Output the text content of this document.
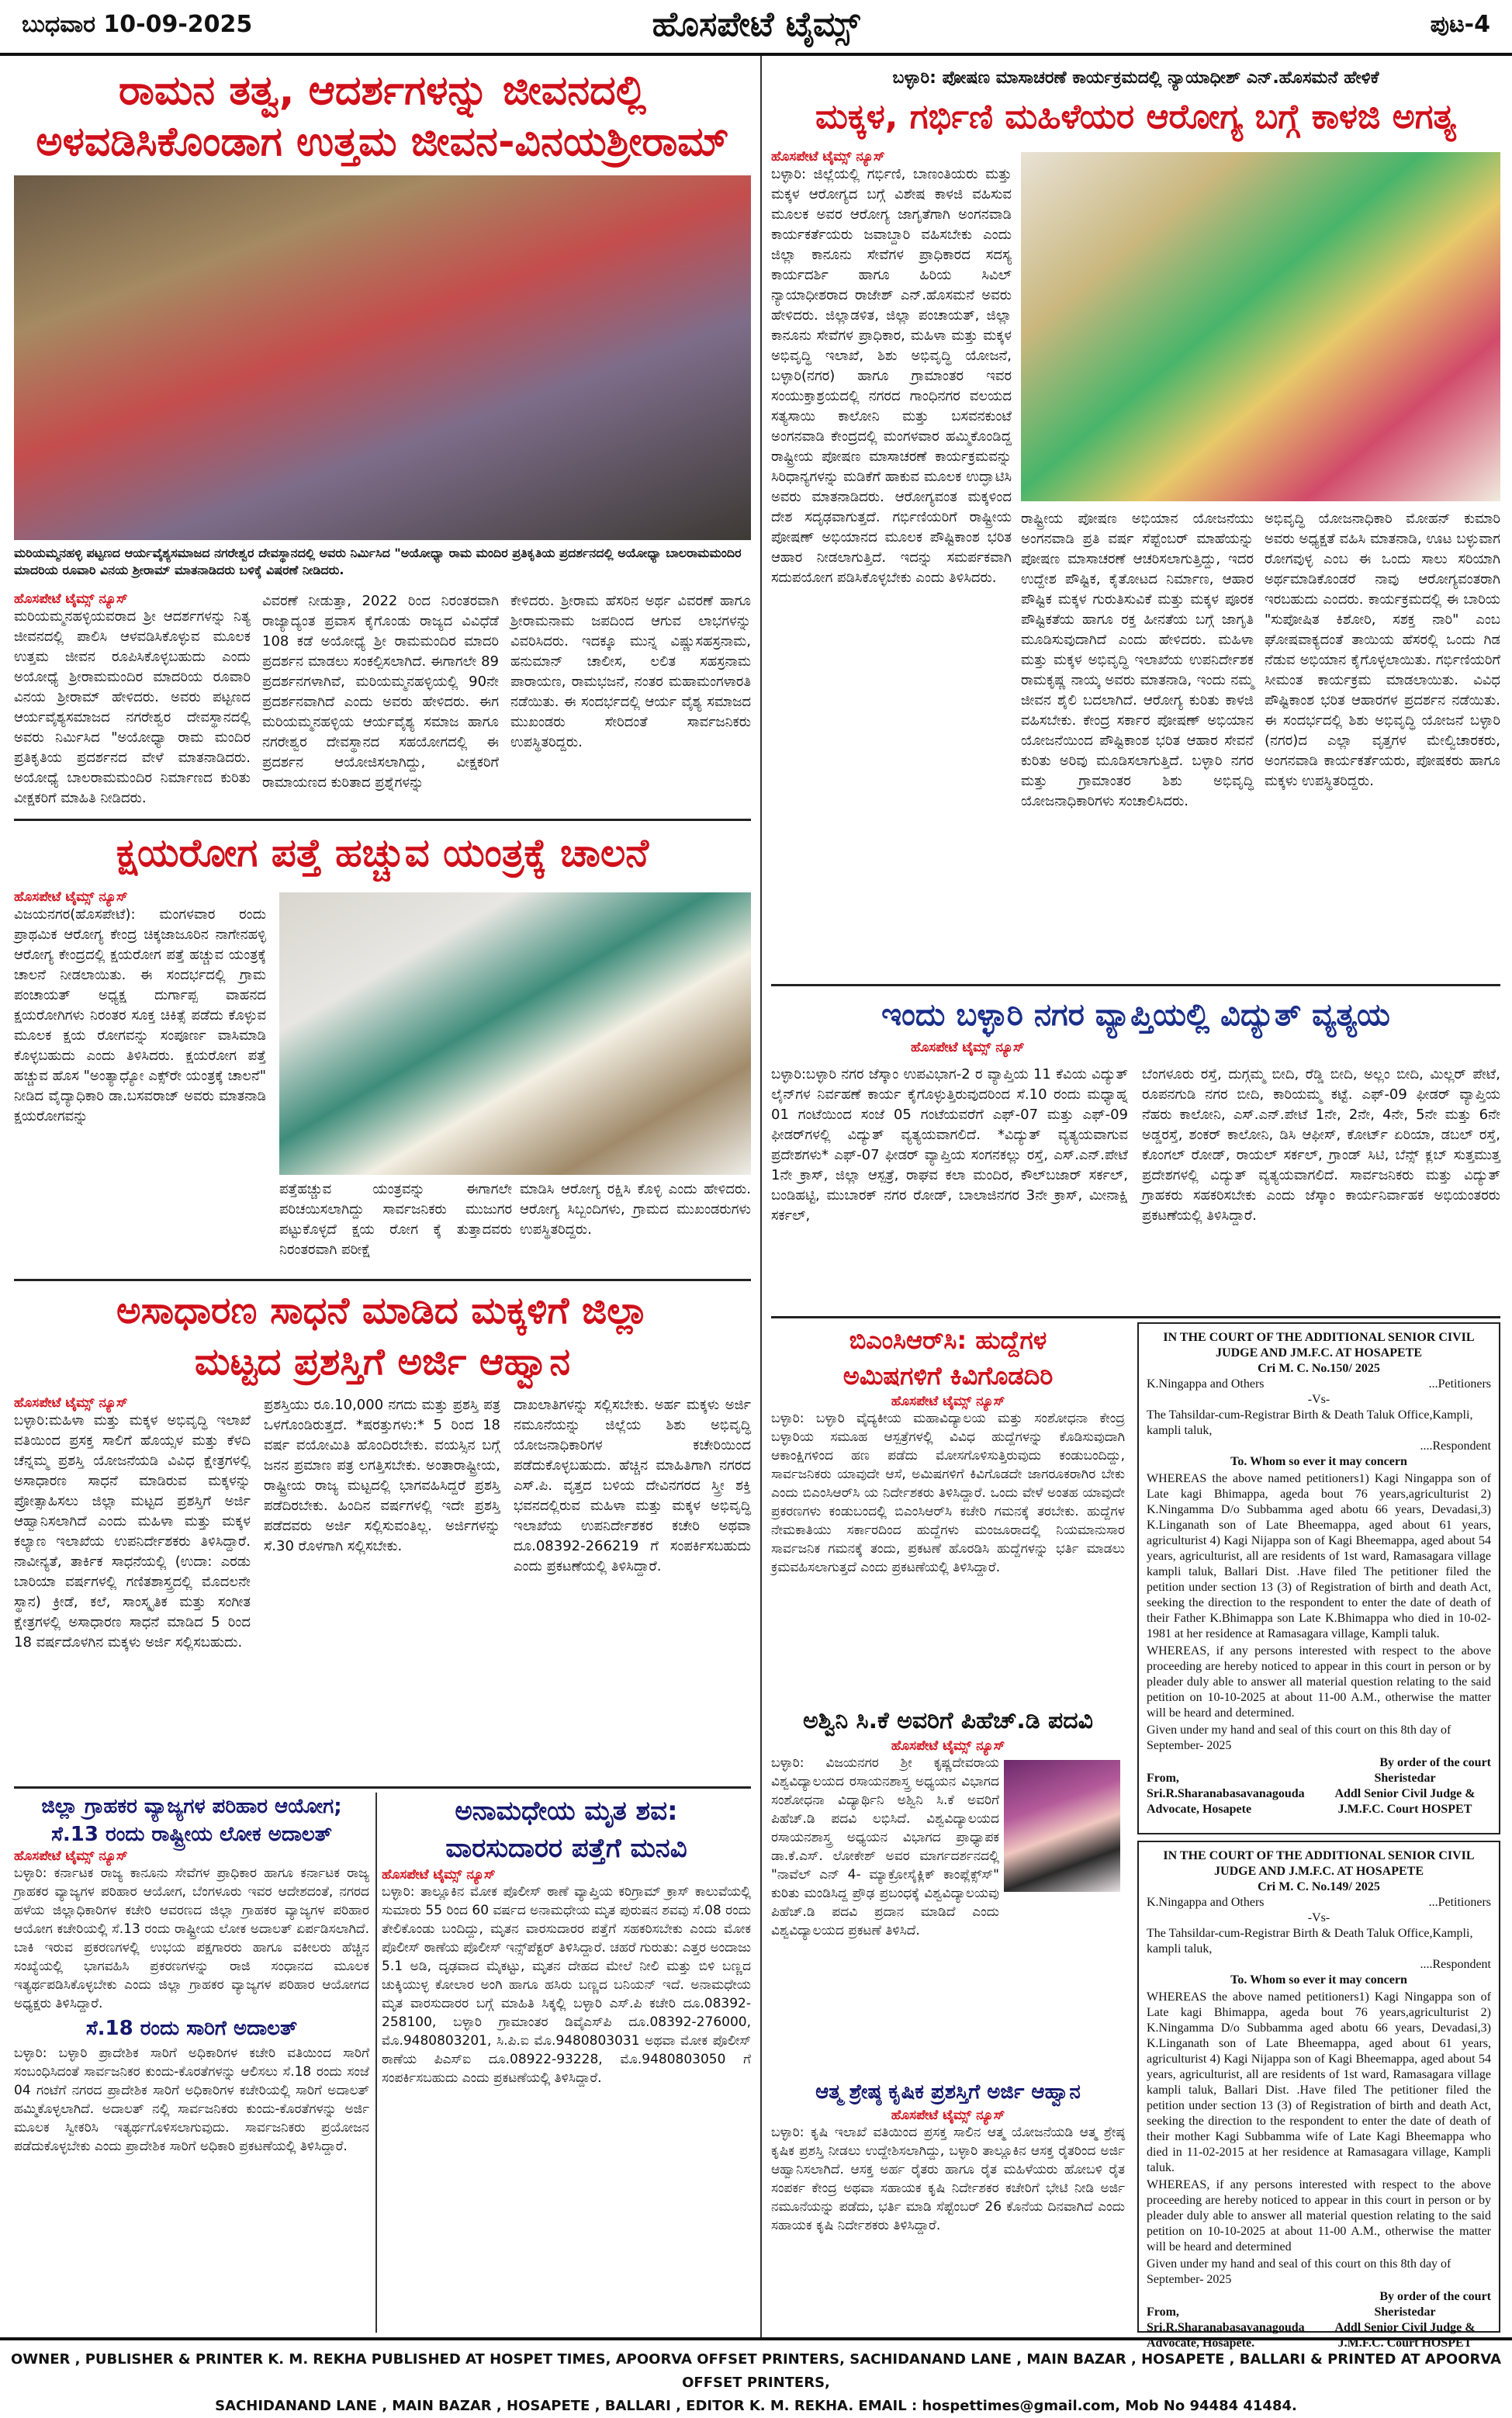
ಬುಧವಾರ 10-09-2025	ಹೊಸಪೇಟೆ ಟೈಮ್ಸ್	ಪುಟ-4
ರಾಮನ ತತ್ವ, ಆದರ್ಶಗಳನ್ನು ಜೀವನದಲ್ಲಿ
ಅಳವಡಿಸಿಕೊಂಡಾಗ ಉತ್ತಮ ಜೀವನ-ವಿನಯಶ್ರೀರಾಮ್
ಮರಿಯಮ್ಮನಹಳ್ಳಿ ಪಟ್ಟಣದ ಆರ್ಯವೈಶ್ಯಸಮಾಜದ ನಗರೇಶ್ವರ ದೇವಸ್ಥಾನದಲ್ಲಿ ಅವರು ನಿರ್ಮಿಸಿದ "ಅಯೋಧ್ಯಾ ರಾಮ ಮಂದಿರ ಪ್ರತಿಕೃತಿಯ ಪ್ರದರ್ಶನದಲ್ಲಿ ಅಯೋಧ್ಯಾ ಬಾಲರಾಮಮಂದಿರ ಮಾದರಿಯ ರೂವಾರಿ ವಿನಯ ಶ್ರೀರಾಮ್ ಮಾತನಾಡಿದರು ಬಳಿಕ್ಕೆ ವಿಷರಣೆ ನೀಡಿದರು.
ಹೊಸಪೇಟೆ ಟೈಮ್ಸ್ ನ್ಯೂಸ್
ಮರಿಯಮ್ಮನಹಳ್ಳಿಯವರಾದ ಶ್ರೀ ಆದರ್ಶಗಳನ್ನು ನಿತ್ಯ ಜೀವನದಲ್ಲಿ ಪಾಲಿಸಿ ಆಳವಡಿಸಿಕೊಳ್ಳುವ ಮೂಲಕ ಉತ್ತಮ ಜೀವನ ರೂಪಿಸಿಕೊಳ್ಳಬಹುದು ಎಂದು ಅಯೋಧ್ಯೆ ಶ್ರೀರಾಮಮಂದಿರ ಮಾದರಿಯ ರೂವಾರಿ ವಿನಯ ಶ್ರೀರಾಮ್ ಹೇಳಿದರು. ಅವರು ಪಟ್ಟಣದ ಆರ್ಯವೈಶ್ಯಸಮಾಜದ ನಗರೇಶ್ವರ ದೇವಸ್ಥಾನದಲ್ಲಿ ಅವರು ನಿರ್ಮಿಸಿದ "ಅಯೋಧ್ಯಾ ರಾಮ ಮಂದಿರ ಪ್ರತಿಕೃತಿಯ ಪ್ರದರ್ಶನದ ವೇಳೆ ಮಾತನಾಡಿದರು. ಅಯೋಧ್ಯೆ ಬಾಲರಾಮಮಂದಿರ ನಿರ್ಮಾಣದ ಕುರಿತು ವೀಕ್ಷಕರಿಗೆ ಮಾಹಿತಿ ನೀಡಿದರು.
ವಿವರಣೆ ನೀಡುತ್ತಾ, 2022 ರಿಂದ ನಿರಂತರವಾಗಿ ರಾಜ್ಯಾದ್ಯಂತ ಪ್ರವಾಸ ಕೈಗೊಂಡು ರಾಜ್ಯದ ವಿವಿಧೆಡೆ 108 ಕಡೆ ಅಯೋಧ್ಯೆ ಶ್ರೀ ರಾಮಮಂದಿರ ಮಾದರಿ ಪ್ರದರ್ಶನ ಮಾಡಲು ಸಂಕಲ್ಪಿಸಲಾಗಿದೆ. ಈಗಾಗಲೇ 89 ಪ್ರದರ್ಶನಗಳಾಗಿವೆ, ಮರಿಯಮ್ಮನಹಳ್ಳಿಯಲ್ಲಿ 90ನೇ ಪ್ರದರ್ಶನವಾಗಿದೆ ಎಂದು ಅವರು ಹೇಳಿದರು. ಈಗ ಮರಿಯಮ್ಮನಹಳ್ಳಿಯ ಆರ್ಯವೈಶ್ಯ ಸಮಾಜ ಹಾಗೂ ನಗರೇಶ್ವರ ದೇವಸ್ಥಾನದ ಸಹಯೋಗದಲ್ಲಿ ಈ ಪ್ರದರ್ಶನ ಆಯೋಜಿಸಲಾಗಿದ್ದು, ವೀಕ್ಷಕರಿಗೆ ರಾಮಾಯಣದ ಕುರಿತಾದ ಪ್ರಶ್ನೆಗಳನ್ನು
ಕೇಳಿದರು. ಶ್ರೀರಾಮ ಹೆಸರಿನ ಅರ್ಥ ವಿವರಣೆ ಹಾಗೂ ಶ್ರೀರಾಮನಾಮ ಜಪದಿಂದ ಆಗುವ ಲಾಭಗಳನ್ನು ವಿವರಿಸಿದರು. ಇದಕ್ಕೂ ಮುನ್ನ ವಿಷ್ಣುಸಹಸ್ರನಾಮ, ಹನುಮಾನ್ ಚಾಲೀಸ, ಲಲಿತ ಸಹಸ್ರನಾಮ ಪಾರಾಯಣ, ರಾಮಭಜನೆ, ನಂತರ ಮಹಾಮಂಗಳಾರತಿ ನಡೆಯಿತು. ಈ ಸಂದರ್ಭದಲ್ಲಿ ಆರ್ಯ ವೈಶ್ಯ ಸಮಾಜದ ಮುಖಂಡರು ಸೇರಿದಂತೆ ಸಾರ್ವಜನಿಕರು ಉಪಸ್ಥಿತರಿದ್ದರು.
ಕ್ಷಯರೋಗ ಪತ್ತೆ ಹಚ್ಚುವ ಯಂತ್ರಕ್ಕೆ ಚಾಲನೆ
ಹೊಸಪೇಟೆ ಟೈಮ್ಸ್ ನ್ಯೂಸ್
ವಿಜಯನಗರ(ಹೊಸಪೇಟೆ): ಮಂಗಳವಾರ ರಂದು ಪ್ರಾಥಮಿಕ ಆರೋಗ್ಯ ಕೇಂದ್ರ ಚಿಕ್ಕಜಾಜೂರಿನ ನಾಗೇನಹಳ್ಳಿ ಆರೋಗ್ಯ ಕೇಂದ್ರದಲ್ಲಿ ಕ್ಷಯರೋಗ ಪತ್ತೆ ಹಚ್ಚುವ ಯಂತ್ರಕ್ಕೆ ಚಾಲನೆ ನೀಡಲಾಯಿತು. ಈ ಸಂದರ್ಭದಲ್ಲಿ ಗ್ರಾಮ ಪಂಚಾಯತ್ ಅಧ್ಯಕ್ಷ ದುರ್ಗಾಪ್ಪ ವಾಹನದ ಕ್ಷಯರೋಗಿಗಳು ನಿರಂತರ ಸೂಕ್ತ ಚಿಕಿತ್ಸೆ ಪಡೆದು ಕೊಳ್ಳುವ ಮೂಲಕ ಕ್ಷಯ ರೋಗವನ್ನು ಸಂಪೂರ್ಣ ವಾಸಿಮಾಡಿ ಕೊಳ್ಳಬಹುದು ಎಂದು ತಿಳಿಸಿದರು. ಕ್ಷಯರೋಗ ಪತ್ತೆ ಹಚ್ಚುವ ಹೊಸ "ಅಂತ್ಯಾಧ್ಯೋ ಎಕ್ಸ್‌ರೇ ಯಂತ್ರಕ್ಕೆ ಚಾಲನೆ" ನೀಡಿದ ವೈದ್ಯಾಧಿಕಾರಿ ಡಾ.ಬಸವರಾಜ್ ಅವರು ಮಾತನಾಡಿ ಕ್ಷಯರೋಗವನ್ನು
ಪತ್ತೆಹಚ್ಚುವ ಯಂತ್ರವನ್ನು ಈಗಾಗಲೇ ಪರಿಚಯಿಸಲಾಗಿದ್ದು ಸಾರ್ವಜನಿಕರು ಮುಜುಗರ ಪಟ್ಟುಕೊಳ್ಳದೆ ಕ್ಷಯ ರೋಗ ಕ್ಕೆ ತುತ್ತಾದವರು ನಿರಂತರವಾಗಿ ಪರೀಕ್ಷೆ
ಮಾಡಿಸಿ ಆರೋಗ್ಯ ರಕ್ಷಿಸಿ ಕೊಳ್ಳಿ ಎಂದು ಹೇಳಿದರು. ಆರೋಗ್ಯ ಸಿಬ್ಬಂದಿಗಳು, ಗ್ರಾಮದ ಮುಖಂಡರುಗಳು ಉಪಸ್ಥಿತರಿದ್ದರು.
ಅಸಾಧಾರಣ ಸಾಧನೆ ಮಾಡಿದ ಮಕ್ಕಳಿಗೆ ಜಿಲ್ಲಾ
ಮಟ್ಟದ ಪ್ರಶಸ್ತಿಗೆ ಅರ್ಜಿ ಆಹ್ವಾನ
ಹೊಸಪೇಟೆ ಟೈಮ್ಸ್ ನ್ಯೂಸ್
ಬಳ್ಳಾರಿ:ಮಹಿಳಾ ಮತ್ತು ಮಕ್ಕಳ ಅಭಿವೃದ್ಧಿ ಇಲಾಖೆ ವತಿಯಿಂದ ಪ್ರಸಕ್ತ ಸಾಲಿಗೆ ಹೊಯ್ಸಳ ಮತ್ತು ಕೆಳದಿ ಚೆನ್ನಮ್ಮ ಪ್ರಶಸ್ತಿ ಯೋಜನೆಯಡಿ ವಿವಿಧ ಕ್ಷೇತ್ರಗಳಲ್ಲಿ ಅಸಾಧಾರಣ ಸಾಧನೆ ಮಾಡಿರುವ ಮಕ್ಕಳನ್ನು ಪ್ರೋತ್ಸಾಹಿಸಲು ಜಿಲ್ಲಾ ಮಟ್ಟದ ಪ್ರಶಸ್ತಿಗೆ ಅರ್ಜಿ ಆಹ್ವಾನಿಸಲಾಗಿದೆ ಎಂದು ಮಹಿಳಾ ಮತ್ತು ಮಕ್ಕಳ ಕಲ್ಯಾಣ ಇಲಾಖೆಯ ಉಪನಿರ್ದೇಶಕರು ತಿಳಿಸಿದ್ದಾರೆ. ನಾವೀನ್ಯತೆ, ತಾರ್ಕಿಕ ಸಾಧನೆಯಲ್ಲಿ (ಉದಾ: ಎರಡು ಬಾರಿಯಾ ವರ್ಷಗಳಲ್ಲಿ ಗಣಿತಶಾಸ್ತ್ರದಲ್ಲಿ ಮೊದಲನೇ ಸ್ಥಾನ) ಕ್ರೀಡೆ, ಕಲೆ, ಸಾಂಸ್ಕೃತಿಕ ಮತ್ತು ಸಂಗೀತ ಕ್ಷೇತ್ರಗಳಲ್ಲಿ ಅಸಾಧಾರಣ ಸಾಧನೆ ಮಾಡಿದ 5 ರಿಂದ 18 ವರ್ಷದೊಳಗಿನ ಮಕ್ಕಳು ಅರ್ಜಿ ಸಲ್ಲಿಸಬಹುದು.
ಪ್ರಶಸ್ತಿಯು ರೂ.10,000 ನಗದು ಮತ್ತು ಪ್ರಶಸ್ತಿ ಪತ್ರ ಒಳಗೊಂಡಿರುತ್ತದೆ. *ಷರತ್ತುಗಳು:* 5 ರಿಂದ 18 ವರ್ಷ ವಯೋಮಿತಿ ಹೊಂದಿರಬೇಕು. ವಯಸ್ಸಿನ ಬಗ್ಗೆ ಜನನ ಪ್ರಮಾಣ ಪತ್ರ ಲಗತ್ತಿಸಬೇಕು. ಅಂತಾರಾಷ್ಟ್ರೀಯ, ರಾಷ್ಟ್ರೀಯ ರಾಜ್ಯ ಮಟ್ಟದಲ್ಲಿ ಭಾಗವಹಿಸಿದ್ದರೆ ಪ್ರಶಸ್ತಿ ಪಡೆದಿರಬೇಕು. ಹಿಂದಿನ ವರ್ಷಗಳಲ್ಲಿ ಇದೇ ಪ್ರಶಸ್ತಿ ಪಡೆದವರು ಅರ್ಜಿ ಸಲ್ಲಿಸುವಂತಿಲ್ಲ. ಅರ್ಜಿಗಳನ್ನು ಸೆ.30 ರೊಳಗಾಗಿ ಸಲ್ಲಿಸಬೇಕು.
ದಾಖಲಾತಿಗಳನ್ನು ಸಲ್ಲಿಸಬೇಕು. ಅರ್ಹ ಮಕ್ಕಳು ಅರ್ಜಿ ನಮೂನೆಯನ್ನು ಜಿಲ್ಲೆಯ ಶಿಶು ಅಭಿವೃದ್ಧಿ ಯೋಜನಾಧಿಕಾರಿಗಳ ಕಚೇರಿಯಿಂದ ಪಡೆದುಕೊಳ್ಳಬಹುದು. ಹೆಚ್ಚಿನ ಮಾಹಿತಿಗಾಗಿ ನಗರದ ಎಸ್.ಪಿ. ವೃತ್ತದ ಬಳಿಯ ದೇವಿನಗರದ ಸ್ತ್ರೀ ಶಕ್ತಿ ಭವನದಲ್ಲಿರುವ ಮಹಿಳಾ ಮತ್ತು ಮಕ್ಕಳ ಅಭಿವೃದ್ಧಿ ಇಲಾಖೆಯ ಉಪನಿರ್ದೇಶಕರ ಕಚೇರಿ ಅಥವಾ ದೂ.08392-266219 ಗೆ ಸಂಪರ್ಕಿಸಬಹುದು ಎಂದು ಪ್ರಕಟಣೆಯಲ್ಲಿ ತಿಳಿಸಿದ್ದಾರೆ.
ಜಿಲ್ಲಾ ಗ್ರಾಹಕರ ವ್ಯಾಜ್ಯಗಳ ಪರಿಹಾರ ಆಯೋಗ;
ಸೆ.13 ರಂದು ರಾಷ್ಟ್ರೀಯ ಲೋಕ ಅದಾಲತ್
ಹೊಸಪೇಟೆ ಟೈಮ್ಸ್ ನ್ಯೂಸ್
ಬಳ್ಳಾರಿ: ಕರ್ನಾಟಕ ರಾಜ್ಯ ಕಾನೂನು ಸೇವೆಗಳ ಪ್ರಾಧಿಕಾರ ಹಾಗೂ ಕರ್ನಾಟಕ ರಾಜ್ಯ ಗ್ರಾಹಕರ ವ್ಯಾಜ್ಯಗಳ ಪರಿಹಾರ ಆಯೋಗ, ಬೆಂಗಳೂರು ಇವರ ಆದೇಶದಂತೆ, ನಗರದ ಹಳೆಯ ಜಿಲ್ಲಾಧಿಕಾರಿಗಳ ಕಚೇರಿ ಆವರಣದ ಜಿಲ್ಲಾ ಗ್ರಾಹಕರ ವ್ಯಾಜ್ಯಗಳ ಪರಿಹಾರ ಆಯೋಗ ಕಚೇರಿಯಲ್ಲಿ ಸೆ.13 ರಂದು ರಾಷ್ಟ್ರೀಯ ಲೋಕ ಅದಾಲತ್ ಏರ್ಪಡಿಸಲಾಗಿದೆ. ಬಾಕಿ ಇರುವ ಪ್ರಕರಣಗಳಲ್ಲಿ ಉಭಯ ಪಕ್ಷಗಾರರು ಹಾಗೂ ವಕೀಲರು ಹೆಚ್ಚಿನ ಸಂಖ್ಯೆಯಲ್ಲಿ ಭಾಗವಹಿಸಿ ಪ್ರಕರಣಗಳನ್ನು ರಾಜಿ ಸಂಧಾನದ ಮೂಲಕ ಇತ್ಯರ್ಥಪಡಿಸಿಕೊಳ್ಳಬೇಕು ಎಂದು ಜಿಲ್ಲಾ ಗ್ರಾಹಕರ ವ್ಯಾಜ್ಯಗಳ ಪರಿಹಾರ ಆಯೋಗದ ಅಧ್ಯಕ್ಷರು ತಿಳಿಸಿದ್ದಾರೆ.
ಸೆ.18 ರಂದು ಸಾರಿಗೆ ಅದಾಲತ್
ಬಳ್ಳಾರಿ: ಬಳ್ಳಾರಿ ಪ್ರಾದೇಶಿಕ ಸಾರಿಗೆ ಅಧಿಕಾರಿಗಳ ಕಚೇರಿ ವತಿಯಿಂದ ಸಾರಿಗೆ ಸಂಬಂಧಿಸಿದಂತೆ ಸಾರ್ವಜನಿಕರ ಕುಂದು-ಕೊರತೆಗಳನ್ನು ಆಲಿಸಲು ಸೆ.18 ರಂದು ಸಂಜೆ 04 ಗಂಟೆಗೆ ನಗರದ ಪ್ರಾದೇಶಿಕ ಸಾರಿಗೆ ಅಧಿಕಾರಿಗಳ ಕಚೇರಿಯಲ್ಲಿ ಸಾರಿಗೆ ಅದಾಲತ್ ಹಮ್ಮಿಕೊಳ್ಳಲಾಗಿದೆ. ಅದಾಲತ್ ನಲ್ಲಿ ಸಾರ್ವಜನಿಕರು ಕುಂದು-ಕೊರತೆಗಳನ್ನು ಅರ್ಜಿ ಮೂಲಕ ಸ್ವೀಕರಿಸಿ ಇತ್ಯರ್ಥಗೊಳಿಸಲಾಗುವುದು. ಸಾರ್ವಜನಿಕರು ಪ್ರಯೋಜನ ಪಡೆದುಕೊಳ್ಳಬೇಕು ಎಂದು ಪ್ರಾದೇಶಿಕ ಸಾರಿಗೆ ಅಧಿಕಾರಿ ಪ್ರಕಟಣೆಯಲ್ಲಿ ತಿಳಿಸಿದ್ದಾರೆ.
ಅನಾಮಧೇಯ ಮೃತ ಶವ:
ವಾರಸುದಾರರ ಪತ್ತೆಗೆ ಮನವಿ
ಹೊಸಪೇಟೆ ಟೈಮ್ಸ್ ನ್ಯೂಸ್
ಬಳ್ಳಾರಿ: ತಾಲ್ಲೂಕಿನ ಮೋಕ ಪೊಲೀಸ್ ಠಾಣೆ ವ್ಯಾಪ್ತಿಯ ಕರಿಗ್ರಾಮ್ ಕ್ರಾಸ್ ಕಾಲುವೆಯಲ್ಲಿ ಸುಮಾರು 55 ರಿಂದ 60 ವರ್ಷದ ಅನಾಮಧೇಯ ಮೃತ ಪುರುಷನ ಶವವು ಸೆ.08 ರಂದು ತೇಲಿಕೊಂಡು ಬಂದಿದ್ದು, ಮೃತನ ವಾರಸುದಾರರ ಪತ್ತೆಗೆ ಸಹಕರಿಸಬೇಕು ಎಂದು ಮೋಕ ಪೊಲೀಸ್ ಠಾಣೆಯ ಪೊಲೀಸ್ ಇನ್ಸ್‌ಪೆಕ್ಟರ್ ತಿಳಿಸಿದ್ದಾರೆ. ಚಹರೆ ಗುರುತು: ಎತ್ತರ ಅಂದಾಜು 5.1 ಅಡಿ, ದೃಢವಾದ ಮೈಕಟ್ಟು, ಮೃತನ ದೇಹದ ಮೇಲೆ ನೀಲಿ ಮತ್ತು ಬಿಳಿ ಬಣ್ಣದ ಚುಕ್ಕಿಯುಳ್ಳ ಕೋಲಾರ ಅಂಗಿ ಹಾಗೂ ಹಸಿರು ಬಣ್ಣದ ಬನಿಯನ್ ಇದೆ. ಅನಾಮಧೇಯ ಮೃತ ವಾರಸುದಾರರ ಬಗ್ಗೆ ಮಾಹಿತಿ ಸಿಕ್ಕಲ್ಲಿ ಬಳ್ಳಾರಿ ಎಸ್.ಪಿ ಕಚೇರಿ ದೂ.08392-258100, ಬಳ್ಳಾರಿ ಗ್ರಾಮಾಂತರ ಡಿವೈಎಸ್‌ಪಿ ದೂ.08392-276000, ಮೊ.9480803201, ಸಿ.ಪಿ.ಐ ಮೊ.9480803031 ಅಥವಾ ಮೋಕ ಪೊಲೀಸ್ ಠಾಣೆಯ ಪಿಎಸ್‌ಐ ದೂ.08922-93228, ಮೊ.9480803050 ಗೆ ಸಂಪರ್ಕಿಸಬಹುದು ಎಂದು ಪ್ರಕಟಣೆಯಲ್ಲಿ ತಿಳಿಸಿದ್ದಾರೆ.
ಬಳ್ಳಾರಿ: ಪೋಷಣ ಮಾಸಾಚರಣೆ ಕಾರ್ಯಕ್ರಮದಲ್ಲಿ ನ್ಯಾಯಾಧೀಶ್ ಎನ್.ಹೊಸಮನೆ ಹೇಳಿಕೆ
ಮಕ್ಕಳ, ಗರ್ಭಿಣಿ ಮಹಿಳೆಯರ ಆರೋಗ್ಯ ಬಗ್ಗೆ ಕಾಳಜಿ ಅಗತ್ಯ
ಹೊಸಪೇಟೆ ಟೈಮ್ಸ್ ನ್ಯೂಸ್
ಬಳ್ಳಾರಿ: ಜಿಲ್ಲೆಯಲ್ಲಿ ಗರ್ಭಿಣಿ, ಬಾಣಂತಿಯರು ಮತ್ತು ಮಕ್ಕಳ ಆರೋಗ್ಯದ ಬಗ್ಗೆ ವಿಶೇಷ ಕಾಳಜಿ ವಹಿಸುವ ಮೂಲಕ ಅವರ ಆರೋಗ್ಯ ಜಾಗೃತೆಗಾಗಿ ಅಂಗನವಾಡಿ ಕಾರ್ಯಕರ್ತೆಯರು ಜವಾಬ್ದಾರಿ ವಹಿಸಬೇಕು ಎಂದು ಜಿಲ್ಲಾ ಕಾನೂನು ಸೇವೆಗಳ ಪ್ರಾಧಿಕಾರದ ಸದಸ್ಯ ಕಾರ್ಯದರ್ಶಿ ಹಾಗೂ ಹಿರಿಯ ಸಿವಿಲ್ ನ್ಯಾಯಾಧೀಶರಾದ ರಾಜೇಶ್ ಎನ್.ಹೊಸಮನೆ ಅವರು ಹೇಳಿದರು. ಜಿಲ್ಲಾಡಳಿತ, ಜಿಲ್ಲಾ ಪಂಚಾಯತ್, ಜಿಲ್ಲಾ ಕಾನೂನು ಸೇವೆಗಳ ಪ್ರಾಧಿಕಾರ, ಮಹಿಳಾ ಮತ್ತು ಮಕ್ಕಳ ಅಭಿವೃದ್ಧಿ ಇಲಾಖೆ, ಶಿಶು ಅಭಿವೃದ್ಧಿ ಯೋಜನೆ, ಬಳ್ಳಾರಿ(ನಗರ) ಹಾಗೂ ಗ್ರಾಮಾಂತರ ಇವರ ಸಂಯುಕ್ತಾಶ್ರಯದಲ್ಲಿ ನಗರದ ಗಾಂಧಿನಗರ ವಲಯದ ಸತ್ಯಸಾಯಿ ಕಾಲೋನಿ ಮತ್ತು ಬಸವನಕುಂಟೆ ಅಂಗನವಾಡಿ ಕೇಂದ್ರದಲ್ಲಿ ಮಂಗಳವಾರ ಹಮ್ಮಿಕೊಂಡಿದ್ದ ರಾಷ್ಟ್ರೀಯ ಪೋಷಣ ಮಾಸಾಚರಣೆ ಕಾರ್ಯಕ್ರಮವನ್ನು ಸಿರಿಧಾನ್ಯಗಳನ್ನು ಮಡಿಕೆಗೆ ಹಾಕುವ ಮೂಲಕ ಉದ್ಘಾಟಿಸಿ ಅವರು ಮಾತನಾಡಿದರು. ಆರೋಗ್ಯವಂತ ಮಕ್ಕಳಿಂದ ದೇಶ ಸದೃಢವಾಗುತ್ತದೆ. ಗರ್ಭಿಣಿಯರಿಗೆ ರಾಷ್ಟ್ರೀಯ ಪೋಷಣ್ ಅಭಿಯಾನದ ಮೂಲಕ ಪೌಷ್ಟಿಕಾಂಶ ಭರಿತ ಆಹಾರ ನೀಡಲಾಗುತ್ತಿದೆ. ಇದನ್ನು ಸಮರ್ಪಕವಾಗಿ ಸದುಪಯೋಗ ಪಡಿಸಿಕೊಳ್ಳಬೇಕು ಎಂದು ತಿಳಿಸಿದರು.
ರಾಷ್ಟ್ರೀಯ ಪೋಷಣ ಅಭಿಯಾನ ಯೋಜನೆಯು ಅಂಗನವಾಡಿ ಪ್ರತಿ ವರ್ಷ ಸೆಪ್ಟೆಂಬರ್ ಮಾಹೆಯನ್ನು ಪೋಷಣ ಮಾಸಾಚರಣೆ ಆಚರಿಸಲಾಗುತ್ತಿದ್ದು, ಇದರ ಉದ್ದೇಶ ಪೌಷ್ಟಿಕ, ಕೈತೋಟದ ನಿರ್ಮಾಣ, ಆಹಾರ ಪೌಷ್ಟಿಕ ಮಕ್ಕಳ ಗುರುತಿಸುವಿಕೆ ಮತ್ತು ಮಕ್ಕಳ ಪೂರಕ ಪೌಷ್ಟಿಕತೆಯ ಹಾಗೂ ರಕ್ತ ಹೀನತೆಯ ಬಗ್ಗೆ ಜಾಗೃತಿ ಮೂಡಿಸುವುದಾಗಿದೆ ಎಂದು ಹೇಳಿದರು. ಮಹಿಳಾ ಮತ್ತು ಮಕ್ಕಳ ಅಭಿವೃದ್ಧಿ ಇಲಾಖೆಯ ಉಪನಿರ್ದೇಶಕ ರಾಮಕೃಷ್ಣ ನಾಯ್ಕ ಅವರು ಮಾತನಾಡಿ, ಇಂದು ನಮ್ಮ ಜೀವನ ಶೈಲಿ ಬದಲಾಗಿದೆ. ಆರೋಗ್ಯ ಕುರಿತು ಕಾಳಜಿ ವಹಿಸಬೇಕು. ಕೇಂದ್ರ ಸರ್ಕಾರ ಪೋಷಣ್ ಅಭಿಯಾನ ಯೋಜನೆಯಿಂದ ಪೌಷ್ಟಿಕಾಂಶ ಭರಿತ ಆಹಾರ ಸೇವನೆ ಕುರಿತು ಅರಿವು ಮೂಡಿಸಲಾಗುತ್ತಿದೆ. ಬಳ್ಳಾರಿ ನಗರ ಮತ್ತು ಗ್ರಾಮಾಂತರ ಶಿಶು ಅಭಿವೃದ್ಧಿ ಯೋಜನಾಧಿಕಾರಿಗಳು ಸಂಚಾಲಿಸಿದರು.
ಅಭಿವೃದ್ಧಿ ಯೋಜನಾಧಿಕಾರಿ ಮೋಹನ್ ಕುಮಾರಿ ಅವರು ಅಧ್ಯಕ್ಷತೆ ವಹಿಸಿ ಮಾತನಾಡಿ, ಊಟ ಬಳ್ಳುವಾಗ ರೋಗವುಳ್ಳ ಎಂಬ ಈ ಒಂದು ಸಾಲು ಸರಿಯಾಗಿ ಅರ್ಥಮಾಡಿಕೊಂಡರೆ ನಾವು ಆರೋಗ್ಯವಂತರಾಗಿ ಇರಬಹುದು ಎಂದರು. ಕಾರ್ಯಕ್ರಮದಲ್ಲಿ ಈ ಬಾರಿಯ "ಸುಪೋಷಿತ ಕಿಶೋರಿ, ಸಶಕ್ತ ನಾರಿ" ಎಂಬ ಘೋಷವಾಕ್ಯದಂತೆ ತಾಯಿಯ ಹೆಸರಲ್ಲಿ ಒಂದು ಗಿಡ ನೆಡುವ ಅಭಿಯಾನ ಕೈಗೊಳ್ಳಲಾಯಿತು. ಗರ್ಭಿಣಿಯರಿಗೆ ಸೀಮಂತ ಕಾರ್ಯಕ್ರಮ ಮಾಡಲಾಯಿತು. ವಿವಿಧ ಪೌಷ್ಟಿಕಾಂಶ ಭರಿತ ಆಹಾರಗಳ ಪ್ರದರ್ಶನ ನಡೆಯಿತು. ಈ ಸಂದರ್ಭದಲ್ಲಿ ಶಿಶು ಅಭಿವೃದ್ಧಿ ಯೋಜನೆ ಬಳ್ಳಾರಿ (ನಗರ)ದ ಎಲ್ಲಾ ವೃತ್ತಗಳ ಮೇಲ್ವಿಚಾರಕರು, ಅಂಗನವಾಡಿ ಕಾರ್ಯಕರ್ತೆಯರು, ಪೋಷಕರು ಹಾಗೂ ಮಕ್ಕಳು ಉಪಸ್ಥಿತರಿದ್ದರು.
ಇಂದು ಬಳ್ಳಾರಿ ನಗರ ವ್ಯಾಪ್ತಿಯಲ್ಲಿ ವಿದ್ಯುತ್ ವ್ಯತ್ಯಯ
ಹೊಸಪೇಟೆ ಟೈಮ್ಸ್ ನ್ಯೂಸ್
ಬಳ್ಳಾರಿ:ಬಳ್ಳಾರಿ ನಗರ ಜೆಸ್ಕಾಂ ಉಪವಿಭಾಗ-2 ರ ವ್ಯಾಪ್ತಿಯ 11 ಕೆವಿಯ ವಿದ್ಯುತ್ ಲೈನ್‌ಗಳ ನಿರ್ವಹಣೆ ಕಾರ್ಯ ಕೈಗೊಳ್ಳುತ್ತಿರುವುದರಿಂದ ಸೆ.10 ರಂದು ಮಧ್ಯಾಹ್ನ 01 ಗಂಟೆಯಿಂದ ಸಂಜೆ 05 ಗಂಟೆಯವರೆಗೆ ಎಫ್-07 ಮತ್ತು ಎಫ್-09 ಫೀಡರ್‌ಗಳಲ್ಲಿ ವಿದ್ಯುತ್ ವ್ಯತ್ಯಯವಾಗಲಿದೆ. *ವಿದ್ಯುತ್ ವ್ಯತ್ಯಯವಾಗುವ ಪ್ರದೇಶಗಳು* ಎಫ್-07 ಫೀಡರ್ ವ್ಯಾಪ್ತಿಯ ಸಂಗನಕಲ್ಲು ರಸ್ತೆ, ಎಸ್.ಎನ್.ಪೇಟೆ 1ನೇ ಕ್ರಾಸ್, ಜಿಲ್ಲಾ ಆಸ್ಪತ್ರೆ, ರಾಘವ ಕಲಾ ಮಂದಿರ, ಕೌಲ್‌ಬಜಾರ್ ಸರ್ಕಲ್, ಬಂಡಿಹಟ್ಟಿ, ಮುಬಾರಕ್ ನಗರ ರೋಡ್, ಬಾಲಾಜಿನಗರ 3ನೇ ಕ್ರಾಸ್, ಮೀನಾಕ್ಷಿ ಸರ್ಕಲ್,
ಬೆಂಗಳೂರು ರಸ್ತೆ, ದುಗ್ಗಮ್ಮ ಬೀದಿ, ರೆಡ್ಡಿ ಬೀದಿ, ಅಲ್ಲಂ ಬೀದಿ, ಮಿಲ್ಲರ್ ಪೇಟೆ, ರೂಪನಗುಡಿ ನಗರ ಬೀದಿ, ಕಾರಿಯಮ್ಮ ಕಟ್ಟೆ. ಎಫ್-09 ಫೀಡರ್ ವ್ಯಾಪ್ತಿಯ ನೆಹರು ಕಾಲೋನಿ, ಎಸ್.ಎನ್.ಪೇಟೆ 1ನೇ, 2ನೇ, 4ನೇ, 5ನೇ ಮತ್ತು 6ನೇ ಅಡ್ಡರಸ್ತೆ, ಶಂಕರ್ ಕಾಲೋನಿ, ಡಿಸಿ ಆಫೀಸ್, ಕೋರ್ಟ್ ಏರಿಯಾ, ಡಬಲ್ ರಸ್ತೆ, ಕೊಂಗಲ್ ರೋಡ್, ರಾಯಲ್ ಸರ್ಕಲ್, ಗ್ರಾಂಡ್ ಸಿಟಿ, ಬೆನ್ಸ್ ಕ್ಲಬ್ ಸುತ್ತಮುತ್ತ ಪ್ರದೇಶಗಳಲ್ಲಿ ವಿದ್ಯುತ್ ವ್ಯತ್ಯಯವಾಗಲಿದೆ. ಸಾರ್ವಜನಿಕರು ಮತ್ತು ವಿದ್ಯುತ್ ಗ್ರಾಹಕರು ಸಹಕರಿಸಬೇಕು ಎಂದು ಜೆಸ್ಕಾಂ ಕಾರ್ಯನಿರ್ವಾಹಕ ಅಭಿಯಂತರರು ಪ್ರಕಟಣೆಯಲ್ಲಿ ತಿಳಿಸಿದ್ದಾರೆ.
ಬಿಎಂಸಿಆರ್‌ಸಿ: ಹುದ್ದೆಗಳ
ಅಮಿಷಗಳಿಗೆ ಕಿವಿಗೊಡದಿರಿ
ಹೊಸಪೇಟೆ ಟೈಮ್ಸ್ ನ್ಯೂಸ್
ಬಳ್ಳಾರಿ: ಬಳ್ಳಾರಿ ವೈದ್ಯಕೀಯ ಮಹಾವಿದ್ಯಾಲಯ ಮತ್ತು ಸಂಶೋಧನಾ ಕೇಂದ್ರ ಬಳ್ಳಾರಿಯ ಸಮೂಹ ಆಸ್ಪತ್ರೆಗಳಲ್ಲಿ ವಿವಿಧ ಹುದ್ದೆಗಳನ್ನು ಕೊಡಿಸುವುದಾಗಿ ಆಕಾಂಕ್ಷಿಗಳಿಂದ ಹಣ ಪಡೆದು ಮೋಸಗೊಳಿಸುತ್ತಿರುವುದು ಕಂಡುಬಂದಿದ್ದು, ಸಾರ್ವಜನಿಕರು ಯಾವುದೇ ಆಸೆ, ಅಮಿಷಗಳಿಗೆ ಕಿವಿಗೊಡದೇ ಜಾಗರೂಕರಾಗಿರ ಬೇಕು ಎಂದು ಬಿಎಂಸಿಆರ್‌ಸಿ ಯ ನಿರ್ದೇಶಕರು ತಿಳಿಸಿದ್ದಾರೆ. ಒಂದು ವೇಳೆ ಅಂತಹ ಯಾವುದೇ ಪ್ರಕರಣಗಳು ಕಂಡುಬಂದಲ್ಲಿ ಬಿಎಂಸಿಆರ್‌ಸಿ ಕಚೇರಿ ಗಮನಕ್ಕೆ ತರಬೇಕು. ಹುದ್ದೆಗಳ ನೇಮಕಾತಿಯು ಸರ್ಕಾರದಿಂದ ಹುದ್ದೆಗಳು ಮಂಜೂರಾದಲ್ಲಿ ನಿಯಮಾನುಸಾರ ಸಾರ್ವಜನಿಕ ಗಮನಕ್ಕೆ ತಂದು, ಪ್ರಕಟಣೆ ಹೊರಡಿಸಿ ಹುದ್ದೆಗಳನ್ನು ಭರ್ತಿ ಮಾಡಲು ಕ್ರಮವಹಿಸಲಾಗುತ್ತದೆ ಎಂದು ಪ್ರಕಟಣೆಯಲ್ಲಿ ತಿಳಿಸಿದ್ದಾರೆ.
ಅಶ್ವಿನಿ ಸಿ.ಕೆ ಅವರಿಗೆ ಪಿಹೆಚ್.ಡಿ ಪದವಿ
ಹೊಸಪೇಟೆ ಟೈಮ್ಸ್ ನ್ಯೂಸ್
ಬಳ್ಳಾರಿ: ವಿಜಯನಗರ ಶ್ರೀ ಕೃಷ್ಣದೇವರಾಯ ವಿಶ್ವವಿದ್ಯಾಲಯದ ರಸಾಯನಶಾಸ್ತ್ರ ಅಧ್ಯಯನ ವಿಭಾಗದ ಸಂಶೋಧನಾ ವಿದ್ಯಾರ್ಥಿನಿ ಅಶ್ವಿನಿ ಸಿ.ಕೆ ಅವರಿಗೆ ಪಿಹೆಚ್.ಡಿ ಪದವಿ ಲಭಿಸಿದೆ. ವಿಶ್ವವಿದ್ಯಾಲಯದ ರಸಾಯನಶಾಸ್ತ್ರ ಅಧ್ಯಯನ ವಿಭಾಗದ ಪ್ರಾಧ್ಯಾಪಕ ಡಾ.ಕೆ.ಎಸ್. ಲೋಕೇಶ್ ಅವರ ಮಾರ್ಗದರ್ಶನದಲ್ಲಿ "ನಾವೆಲ್ ಎನ್ 4- ಮ್ಯಾಕ್ರೋಸೈಕ್ಲಿಕ್ ಕಾಂಪ್ಲೆಕ್ಸ್‌ಸ್" ಕುರಿತು ಮಂಡಿಸಿದ್ದ ಪ್ರೌಢ ಪ್ರಬಂಧಕ್ಕೆ ವಿಶ್ವವಿದ್ಯಾಲಯವು ಪಿಹೆಚ್.ಡಿ ಪದವಿ ಪ್ರದಾನ ಮಾಡಿದೆ ಎಂದು ವಿಶ್ವವಿದ್ಯಾಲಯದ ಪ್ರಕಟಣೆ ತಿಳಿಸಿದೆ.
ಆತ್ಮ ಶ್ರೇಷ್ಠ ಕೃಷಿಕ ಪ್ರಶಸ್ತಿಗೆ ಅರ್ಜಿ ಆಹ್ವಾನ
ಹೊಸಪೇಟೆ ಟೈಮ್ಸ್ ನ್ಯೂಸ್
ಬಳ್ಳಾರಿ: ಕೃಷಿ ಇಲಾಖೆ ವತಿಯಿಂದ ಪ್ರಸಕ್ತ ಸಾಲಿನ ಆತ್ಮ ಯೋಜನೆಯಡಿ ಆತ್ಮ ಶ್ರೇಷ್ಠ ಕೃಷಿಕ ಪ್ರಶಸ್ತಿ ನೀಡಲು ಉದ್ದೇಶಿಸಲಾಗಿದ್ದು, ಬಳ್ಳಾರಿ ತಾಲ್ಲೂಕಿನ ಆಸಕ್ತ ರೈತರಿಂದ ಅರ್ಜಿ ಆಹ್ವಾನಿಸಲಾಗಿದೆ. ಆಸಕ್ತ ಅರ್ಹ ರೈತರು ಹಾಗೂ ರೈತ ಮಹಿಳೆಯರು ಹೋಬಳಿ ರೈತ ಸಂಪರ್ಕ ಕೇಂದ್ರ ಅಥವಾ ಸಹಾಯಕ ಕೃಷಿ ನಿರ್ದೇಶಕರ ಕಚೇರಿಗೆ ಭೇಟಿ ನೀಡಿ ಅರ್ಜಿ ನಮೂನೆಯನ್ನು ಪಡೆದು, ಭರ್ತಿ ಮಾಡಿ ಸೆಪ್ಟೆಂಬರ್ 26 ಕೊನೆಯ ದಿನವಾಗಿದೆ ಎಂದು ಸಹಾಯಕ ಕೃಷಿ ನಿರ್ದೇಶಕರು ತಿಳಿಸಿದ್ದಾರೆ.
IN THE COURT OF THE ADDITIONAL SENIOR CIVIL
JUDGE AND JM.F.C. AT HOSAPETE
Cri M. C. No.150/ 2025
K.Ningappa and Others	...Petitioners
-Vs-
The Tahsildar-cum-Registrar Birth & Death Taluk Office,Kampli, kampli taluk,
....Respondent
To. Whom so ever it may concern

WHEREAS the above named petitioners1) Kagi Ningappa son of Late kagi Bhimappa, ageda bout 76 years,agriculturist 2) K.Ningamma D/o Subbamma aged abotu 66 years, Devadasi,3) K.Linganath son of Late Bheemappa, aged about 61 years, agriculturist 4) Kagi Nijappa son of Kagi Bheemappa, aged about 54 years, agriculturist, all are residents of 1st ward, Ramasagara village kampli taluk, Ballari Dist. .Have filed The petitioner filed the petition under section 13 (3) of Registration of birth and death Act, seeking the direction to the respondent to enter the date of death of their Father K.Bhimappa son Late K.Bhimappa who died in 10-02-1981 at her residence at Ramasagara village, Kampli taluk.

WHEREAS, if any persons interested with respect to the above proceeding are hereby noticed to appear in this court in person or by pleader duly able to answer all material question relating to the said petition on 10-10-2025 at about 11-00 A.M., otherwise the matter will be heard and determined.

Given under my hand and seal of this court on this 8th day of September- 2025

By order of the court
From,
Sri.R.Sharanabasavanagouda Advocate, Hosapete
Sheristedar
Addl Senior Civil Judge & J.M.F.C. Court HOSPET
IN THE COURT OF THE ADDITIONAL SENIOR CIVIL
JUDGE AND J.M.F.C. AT HOSAPETE
Cri M. C. No.149/ 2025
K.Ningappa and Others	...Petitioners
-Vs-
The Tahsildar-cum-Registrar Birth & Death Taluk Office,Kampli, kampli taluk,
....Respondent
To. Whom so ever it may concern

WHEREAS the above named petitioners1) Kagi Ningappa son of Late kagi Bhimappa, ageda bout 76 years,agriculturist 2) K.Ningamma D/o Subbamma aged abotu 66 years, Devadasi,3) K.Linganath son of Late Bheemappa, aged about 61 years, agriculturist 4) Kagi Nijappa son of Kagi Bheemappa, aged about 54 years, agriculturist, all are residents of 1st ward, Ramasagara village kampli taluk, Ballari Dist. .Have filed The petitioner filed the petition under section 13 (3) of Registration of birth and death Act, seeking the direction to the respondent to enter the date of death of their mother Kagi Subbamma wife of Late Kagi Bheemappa who died in 11-02-2015 at her residence at Ramasagara village, Kampli taluk.

WHEREAS, if any persons interested with respect to the above proceeding are hereby noticed to appear in this court in person or by pleader duly able to answer all material question relating to the said petition on 10-10-2025 at about 11-00 A.M., otherwise the matter will be heard and determined

Given under my hand and seal of this court on this 8th day of September- 2025

By order of the court
From,
Sri.R.Sharanabasavanagouda Advocate, Hosapete.
Sheristedar
Addl Senior Civil Judge & J.M.F.C. Court HOSPET
OWNER , PUBLISHER & PRINTER K. M. REKHA PUBLISHED AT HOSPET TIMES, APOORVA OFFSET PRINTERS, SACHIDANAND LANE , MAIN BAZAR , HOSAPETE , BALLARI & PRINTED AT APOORVA OFFSET PRINTERS,
SACHIDANAND LANE , MAIN BAZAR , HOSAPETE , BALLARI , EDITOR K. M. REKHA. EMAIL : hospettimes@gmail.com, Mob No 94484 41484.
